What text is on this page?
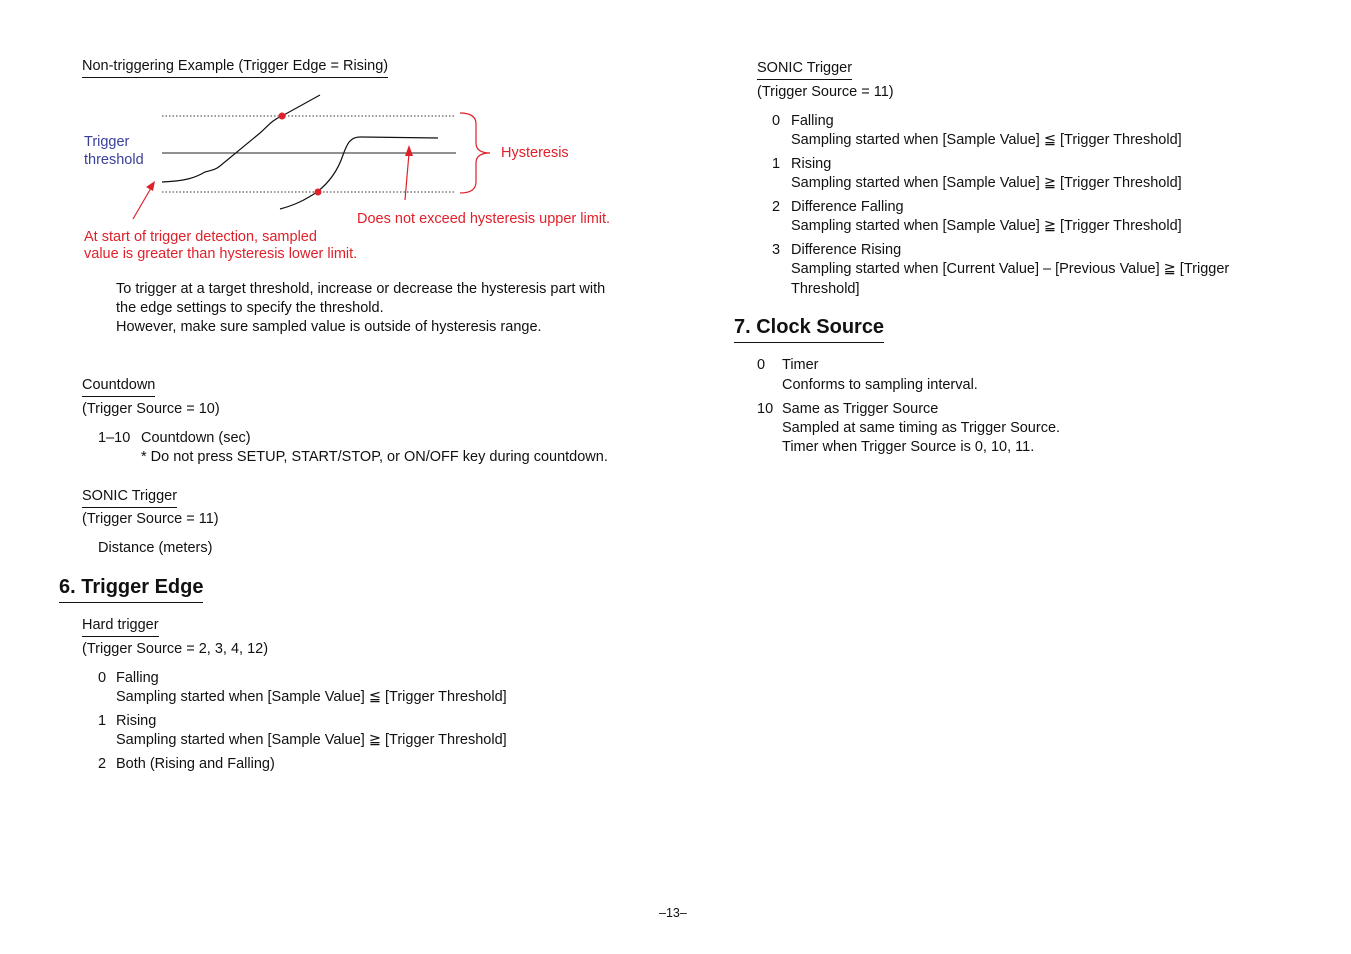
Non-triggering Example (Trigger Edge = Rising)
Trigger
threshold	Hysteresis
Does not exceed hysteresis upper limit.
At start of trigger detection, sampled
value is greater than hysteresis lower limit.
To trigger at a target threshold, increase or decrease the hysteresis part with
the edge settings to specify the threshold.
However, make sure sampled value is outside of hysteresis range.
Countdown
(Trigger Source = 10)
1–10 Countdown (sec)
* Do not press SETUP, START/STOP, or ON/OFF key during countdown.
SONIC Trigger
(Trigger Source = 11)
Distance (meters)
6. Trigger Edge
Hard trigger
(Trigger Source = 2, 3, 4, 12)
0 Falling
Sampling started when [Sample Value] ≦ [Trigger Threshold]
1 Rising
Sampling started when [Sample Value] ≧ [Trigger Threshold]
2 Both (Rising and Falling)
SONIC Trigger
(Trigger Source = 11)
0 Falling
Sampling started when [Sample Value] ≦ [Trigger Threshold]
1 Rising
Sampling started when [Sample Value] ≧ [Trigger Threshold]
2 Difference Falling
Sampling started when [Sample Value] ≧ [Trigger Threshold]
3 Difference Rising
Sampling started when [Current Value] – [Previous Value] ≧ [Trigger
Threshold]
7. Clock Source
0 Timer
Conforms to sampling interval.
10 Same as Trigger Source
Sampled at same timing as Trigger Source.
Timer when Trigger Source is 0, 10, 11.
–13–
